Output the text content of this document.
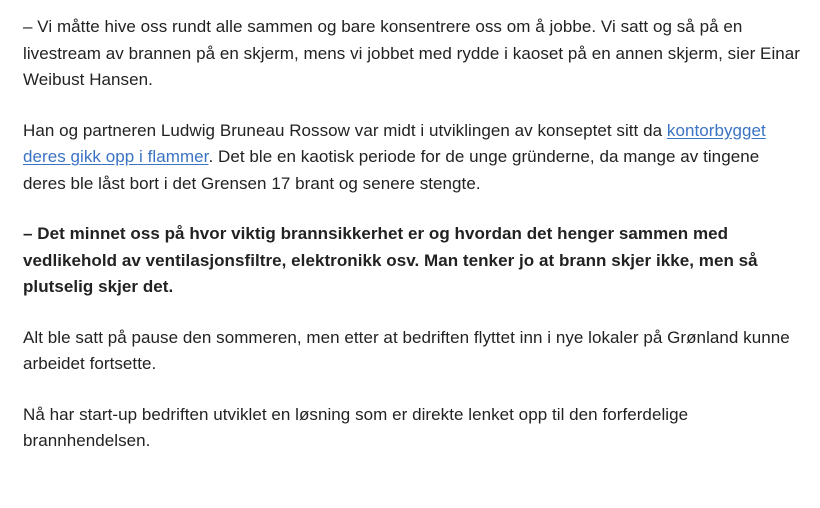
– Vi måtte hive oss rundt alle sammen og bare konsentrere oss om å jobbe. Vi satt og så på en livestream av brannen på en skjerm, mens vi jobbet med rydde i kaoset på en annen skjerm, sier Einar Weibust Hansen.

Han og partneren Ludwig Bruneau Rossow var midt i utviklingen av konseptet sitt da kontorbygget deres gikk opp i flammer. Det ble en kaotisk periode for de unge gründerne, da mange av tingene deres ble låst bort i det Grensen 17 brant og senere stengte.

– Det minnet oss på hvor viktig brannsikkerhet er og hvordan det henger sammen med vedlikehold av ventilasjonsfiltre, elektronikk osv. Man tenker jo at brann skjer ikke, men så plutselig skjer det.

Alt ble satt på pause den sommeren, men etter at bedriften flyttet inn i nye lokaler på Grønland kunne arbeidet fortsette.

Nå har start-up bedriften utviklet en løsning som er direkte lenket opp til den forferdelige brannhendelsen.
